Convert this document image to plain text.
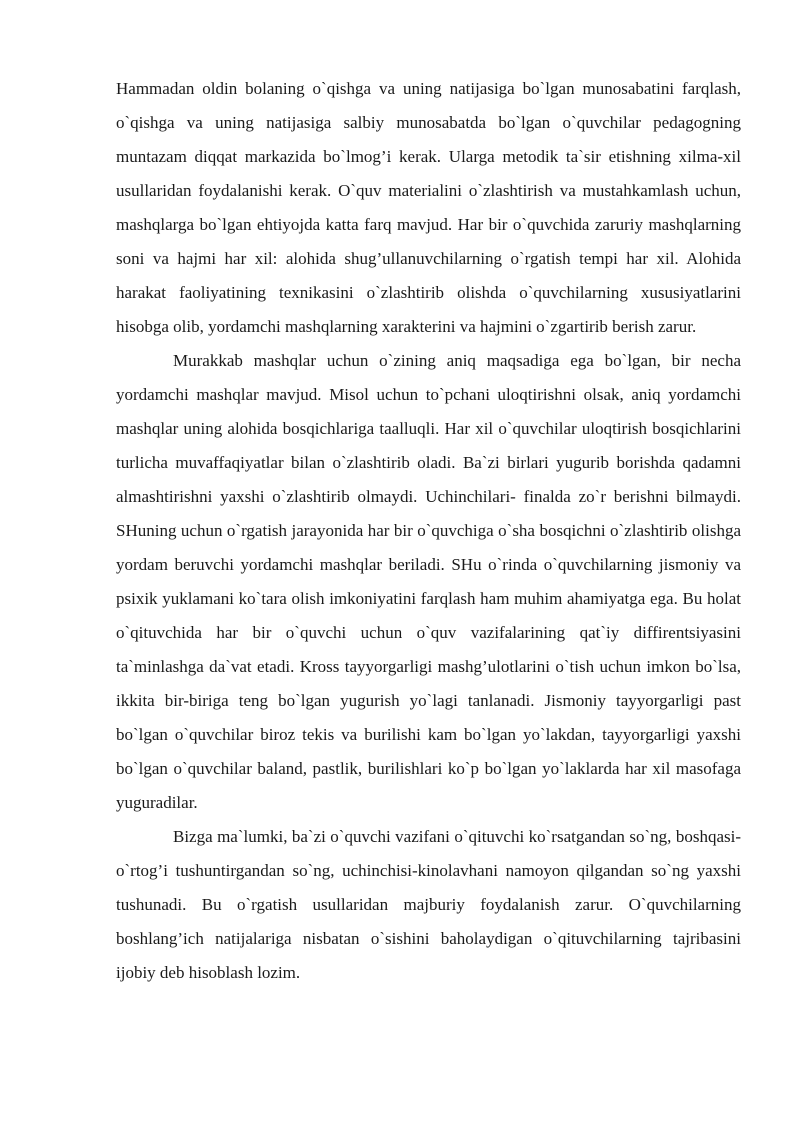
Hammadan oldin bolaning o`qishga va uning natijasiga bo`lgan munosabatini farqlash, o`qishga va uning natijasiga salbiy munosabatda bo`lgan o`quvchilar pedagogning muntazam diqqat markazida bo`lmog’i kerak. Ularga metodik ta`sir etishning xilma-xil usullaridan foydalanishi kerak. O`quv materialini o`zlashtirish va mustahkamlash uchun, mashqlarga bo`lgan ehtiyojda katta farq mavjud. Har bir o`quvchida zaruriy mashqlarning soni va hajmi har xil: alohida shug’ullanuvchilarning o`rgatish tempi har xil. Alohida harakat faoliyatining texnikasini o`zlashtirib olishda o`quvchilarning xususiyatlarini hisobga olib, yordamchi mashqlarning xarakterini va hajmini o`zgartirib berish zarur.

Murakkab mashqlar uchun o`zining aniq maqsadiga ega bo`lgan, bir necha yordamchi mashqlar mavjud. Misol uchun to`pchani uloqtirishni olsak, aniq yordamchi mashqlar uning alohida bosqichlariga taalluqli. Har xil o`quvchilar uloqtirish bosqichlarini turlicha muvaffaqiyatlar bilan o`zlashtirib oladi. Ba`zi birlari yugurib borishda qadamni almashtirishni yaxshi o`zlashtirib olmaydi. Uchinchilari- finalda zo`r berishni bilmaydi. SHuning uchun o`rgatish jarayonida har bir o`quvchiga o`sha bosqichni o`zlashtirib olishga yordam beruvchi yordamchi mashqlar beriladi. SHu o`rinda o`quvchilarning jismoniy va psixik yuklamani ko`tara olish imkoniyatini farqlash ham muhim ahamiyatga ega. Bu holat o`qituvchida har bir o`quvchi uchun o`quv vazifalarining qat`iy diffirentsiyasini ta`minlashga da`vat etadi. Kross tayyorgarligi mashg’ulotlarini o`tish uchun imkon bo`lsa, ikkita bir-biriga teng bo`lgan yugurish yo`lagi tanlanadi. Jismoniy tayyorgarligi past bo`lgan o`quvchilar biroz tekis va burilishi kam bo`lgan yo`lakdan, tayyorgarligi yaxshi bo`lgan o`quvchilar baland, pastlik, burilishlari ko`p bo`lgan yo`laklarda har xil masofaga yuguradilar.

Bizga ma`lumki, ba`zi o`quvchi vazifani o`qituvchi ko`rsatgandan so`ng, boshqasi-o`rtog’i tushuntirgandan so`ng, uchinchisi-kinolavhani namoyon qilgandan so`ng yaxshi tushunadi. Bu o`rgatish usullaridan majburiy foydalanish zarur. O`quvchilarning boshlang’ich natijalariga nisbatan o`sishini baholaydigan o`qituvchilarning tajribasini ijobiy deb hisoblash lozim.
